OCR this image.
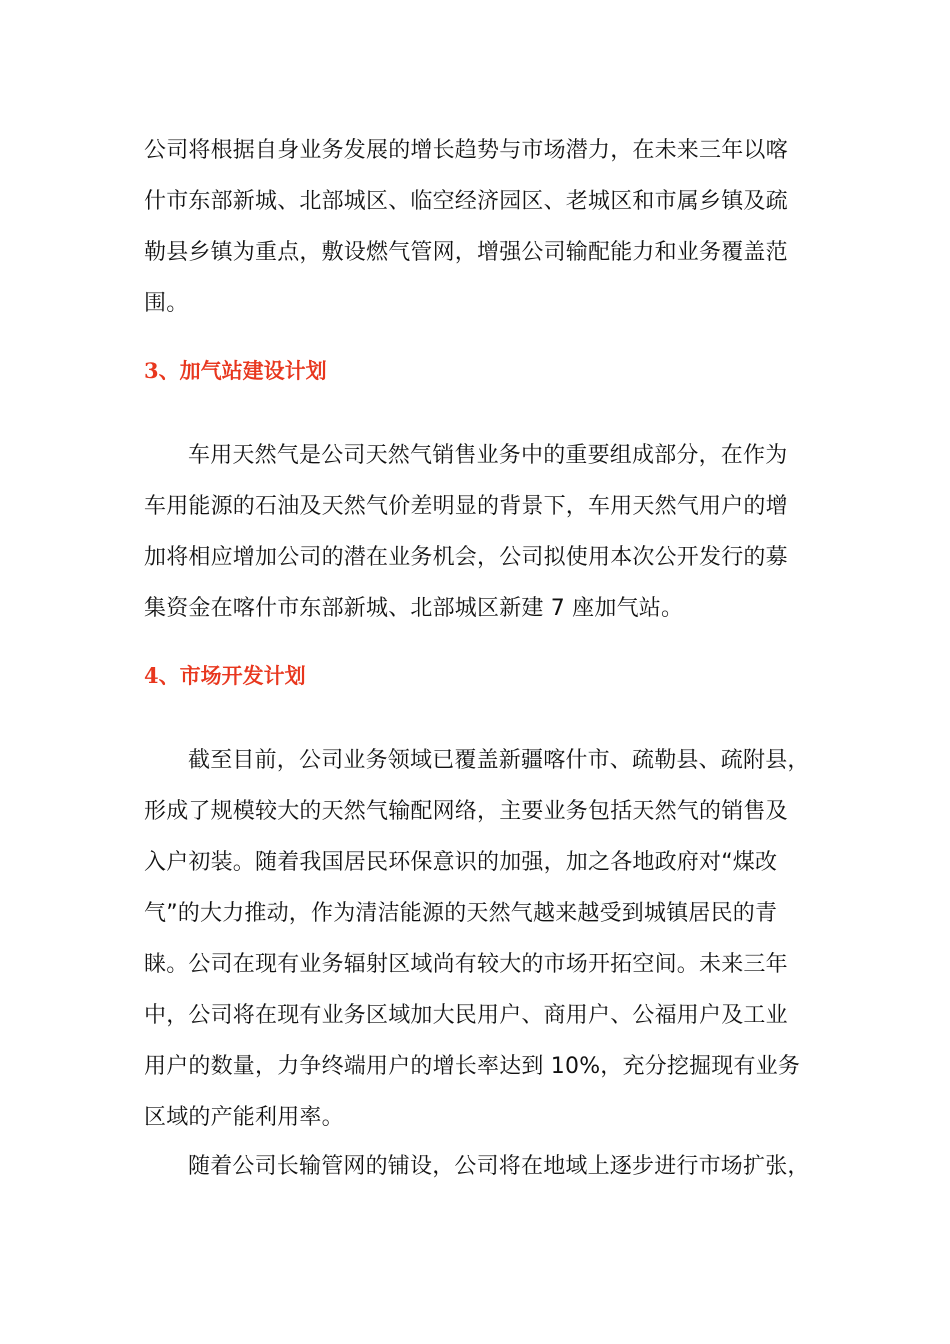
公司将根据自身业务发展的增长趋势与市场潜力，在未来三年以喀
什市东部新城、北部城区、临空经济园区、老城区和市属乡镇及疏
勒县乡镇为重点，敷设燃气管网，增强公司输配能力和业务覆盖范
围。

3、加气站建设计划

车用天然气是公司天然气销售业务中的重要组成部分，在作为
车用能源的石油及天然气价差明显的背景下，车用天然气用户的增
加将相应增加公司的潜在业务机会，公司拟使用本次公开发行的募
集资金在喀什市东部新城、北部城区新建 7 座加气站。

4、市场开发计划

截至目前，公司业务领域已覆盖新疆喀什市、疏勒县、疏附县，
形成了规模较大的天然气输配网络，主要业务包括天然气的销售及
入户初装。随着我国居民环保意识的加强，加之各地政府对“煤改
气”的大力推动，作为清洁能源的天然气越来越受到城镇居民的青
睐。公司在现有业务辐射区域尚有较大的市场开拓空间。未来三年
中，公司将在现有业务区域加大民用户、商用户、公福用户及工业
用户的数量，力争终端用户的增长率达到 10%，充分挖掘现有业务
区域的产能利用率。

随着公司长输管网的铺设，公司将在地域上逐步进行市场扩张，
